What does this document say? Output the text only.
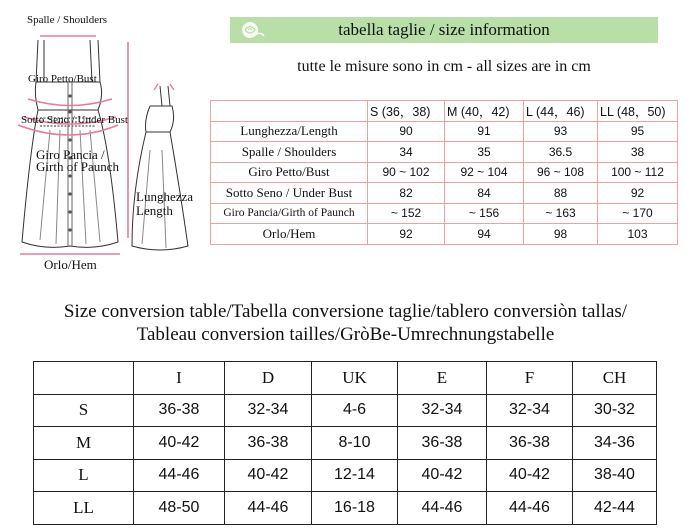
Spalle / Shoulders
Giro Petto/Bust
Sotto Seno / Under Bust
Giro Pancia /
Girth of Paunch
Lunghezza
Length
Orlo/Hem
tabella taglie / size information
tutte le misure sono in cm - all sizes are in cm
	S (36，38)	M (40，42)	L (44，46)	LL (48，50)
Lunghezza/Length	90	91	93	95
Spalle / Shoulders	34	35	36.5	38
Giro Petto/Bust	90 ~ 102	92 ~ 104	96 ~ 108	100 ~ 112
Sotto Seno / Under Bust	82	84	88	92
Giro Pancia/Girth of Paunch	~ 152	~ 156	~ 163	~ 170
Orlo/Hem	92	94	98	103
Size conversion table/Tabella conversione taglie/tablero conversiòn tallas/
Tableau conversion tailles/GròBe-Umrechnungstabelle
	I	D	UK	E	F	CH
S	36-38	32-34	4-6	32-34	32-34	30-32
M	40-42	36-38	8-10	36-38	36-38	34-36
L	44-46	40-42	12-14	40-42	40-42	38-40
LL	48-50	44-46	16-18	44-46	44-46	42-44
